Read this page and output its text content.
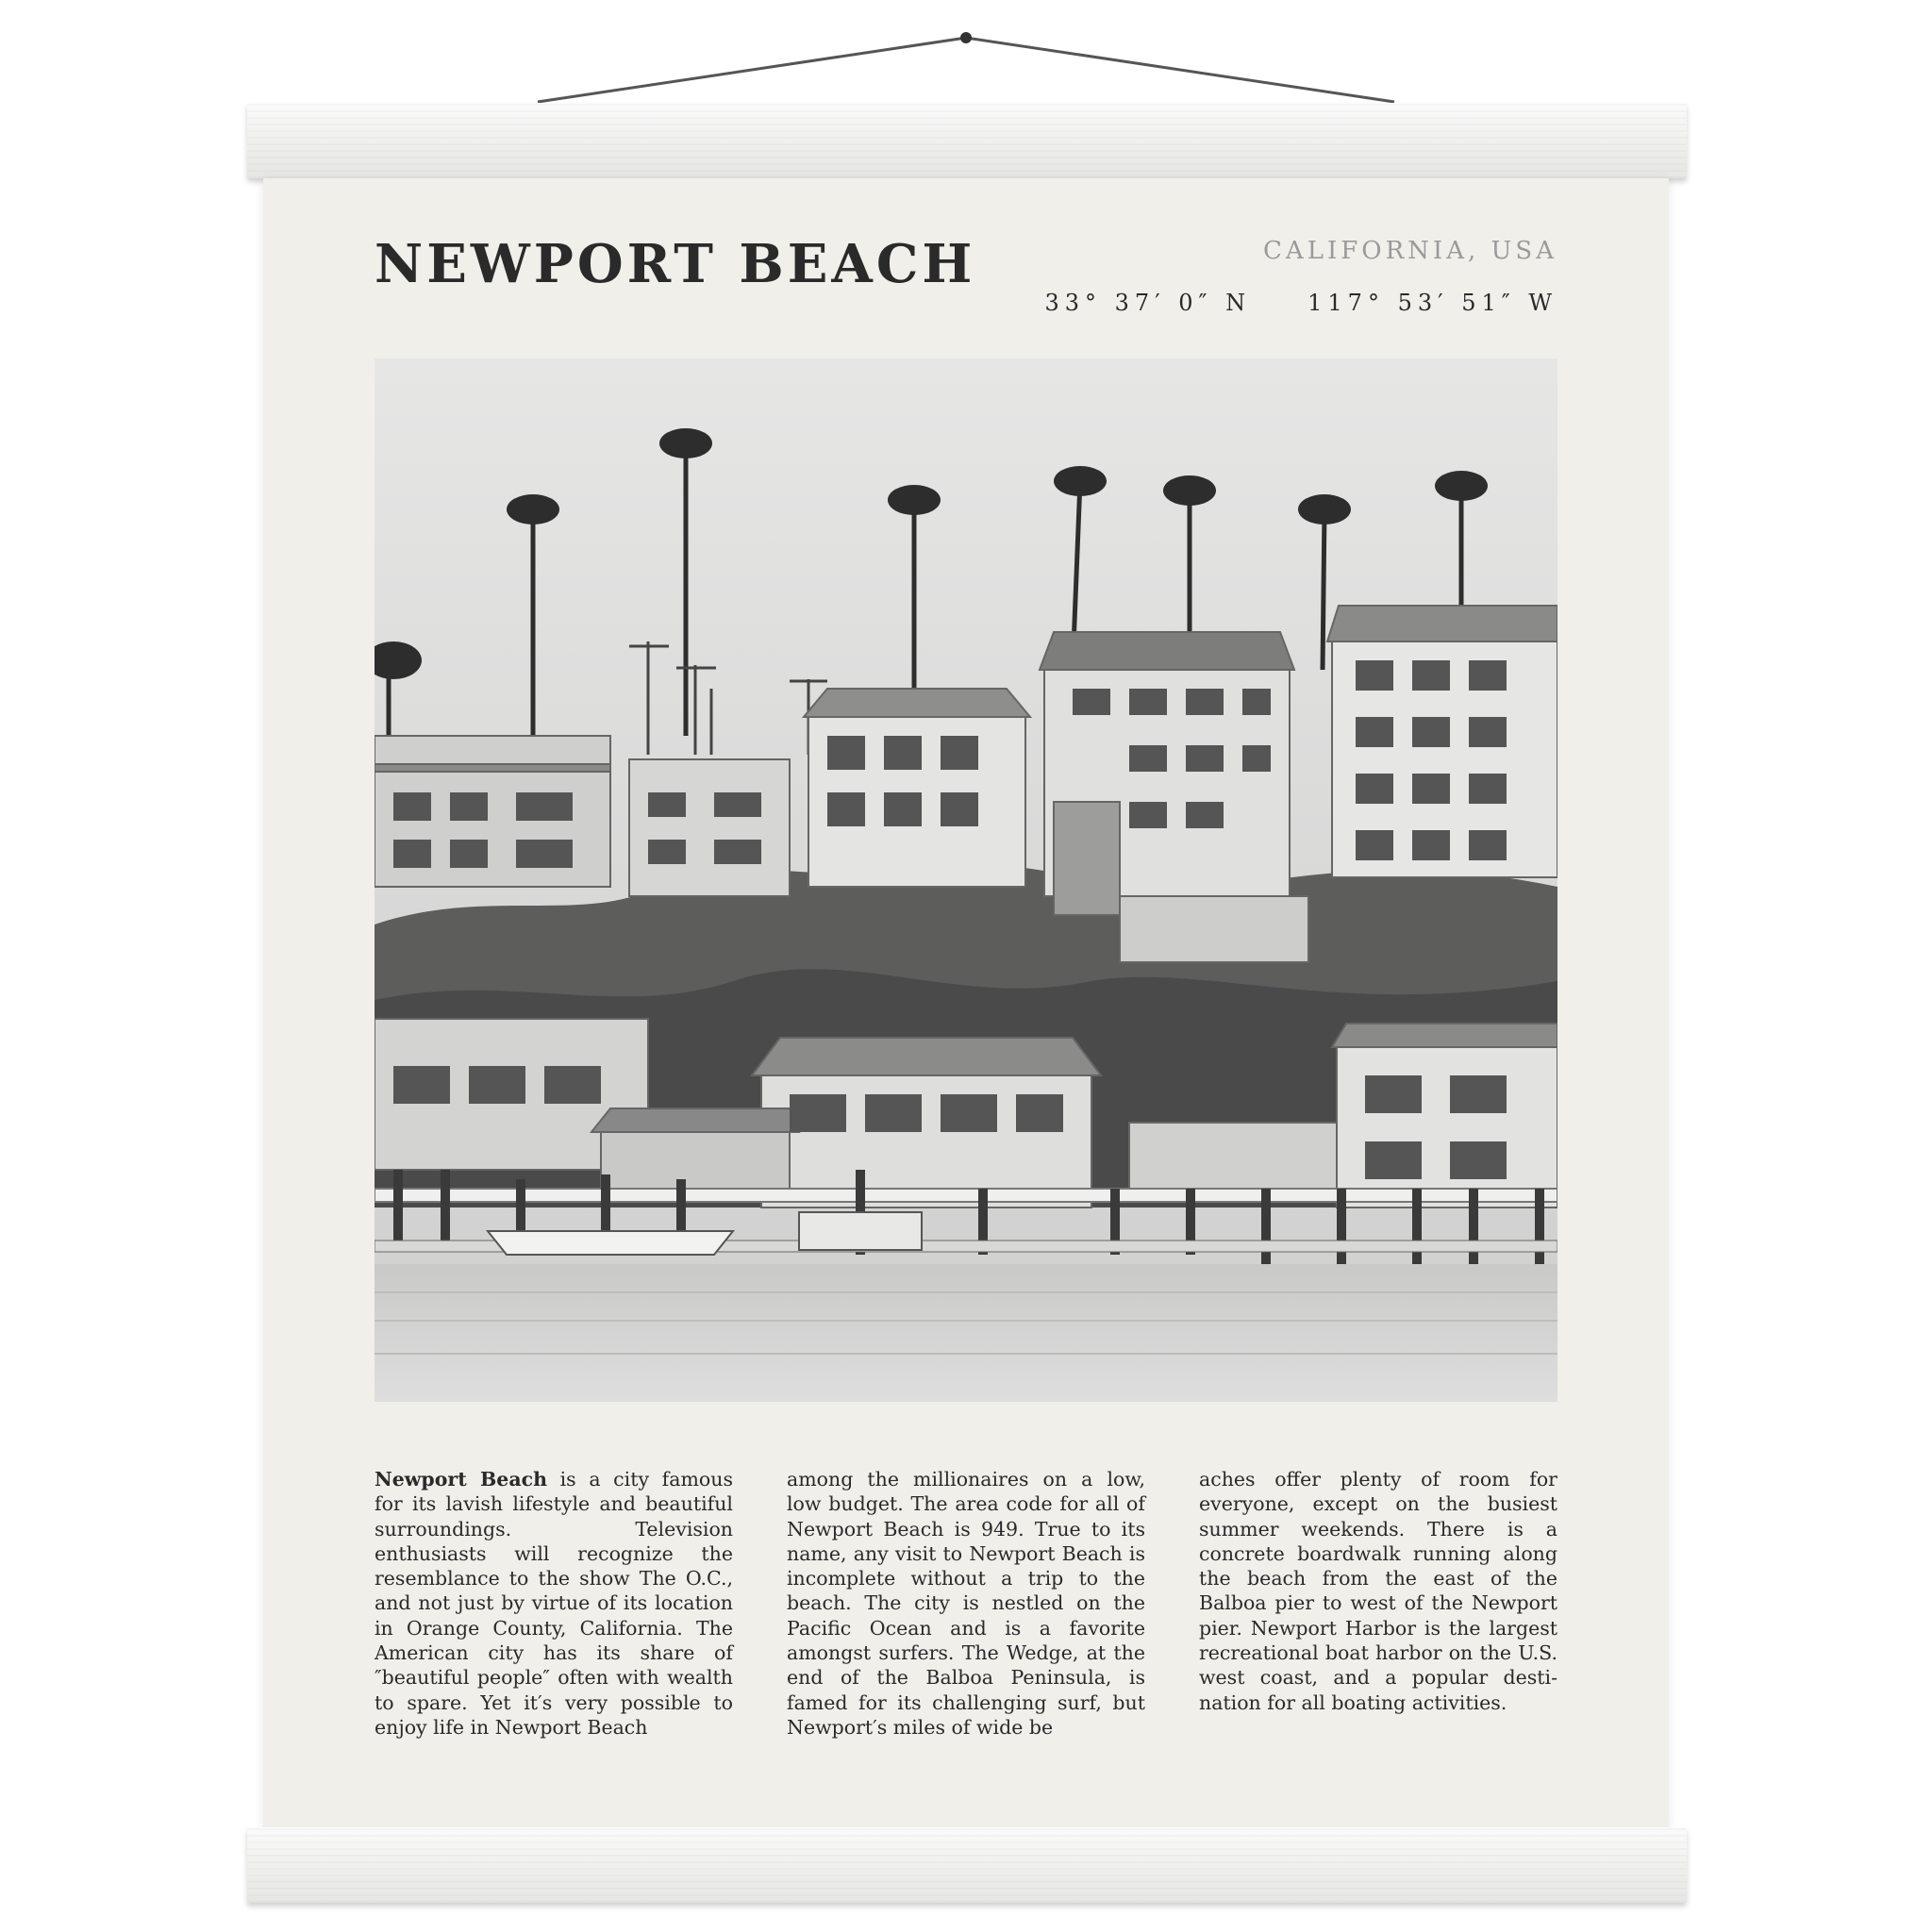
NEWPORT BEACH	CALIFORNIA, USA
33° 37′ 0″ N	117° 53′ 51″ W

Newport Beach is a city famous for its lavish lifestyle and beautiful surroundings. Television enthusiasts will recognize the resemblance to the show The O.C., and not just by virtue of its location in Orange County, California. The American city has its share of ″beautiful people″ often with wealth to spare. Yet it′s very possible to enjoy life in Newport Beach

among the millionaires on a low, low budget. The area code for all of Newport Beach is 949. True to its name, any visit to Newport Beach is incomplete without a trip to the beach. The city is nestled on the Pacific Ocean and is a favorite amongst surfers. The Wedge, at the end of the Balboa Peninsula, is famed for its challenging surf, but Newport′s miles of wide be

aches offer plenty of room for everyone, except on the busiest summer weekends. There is a concrete boardwalk running along the beach from the east of the Balboa pier to west of the Newport pier. Newport Harbor is the largest recreational boat harbor on the U.S. west coast, and a popular destination for all boating activities.
